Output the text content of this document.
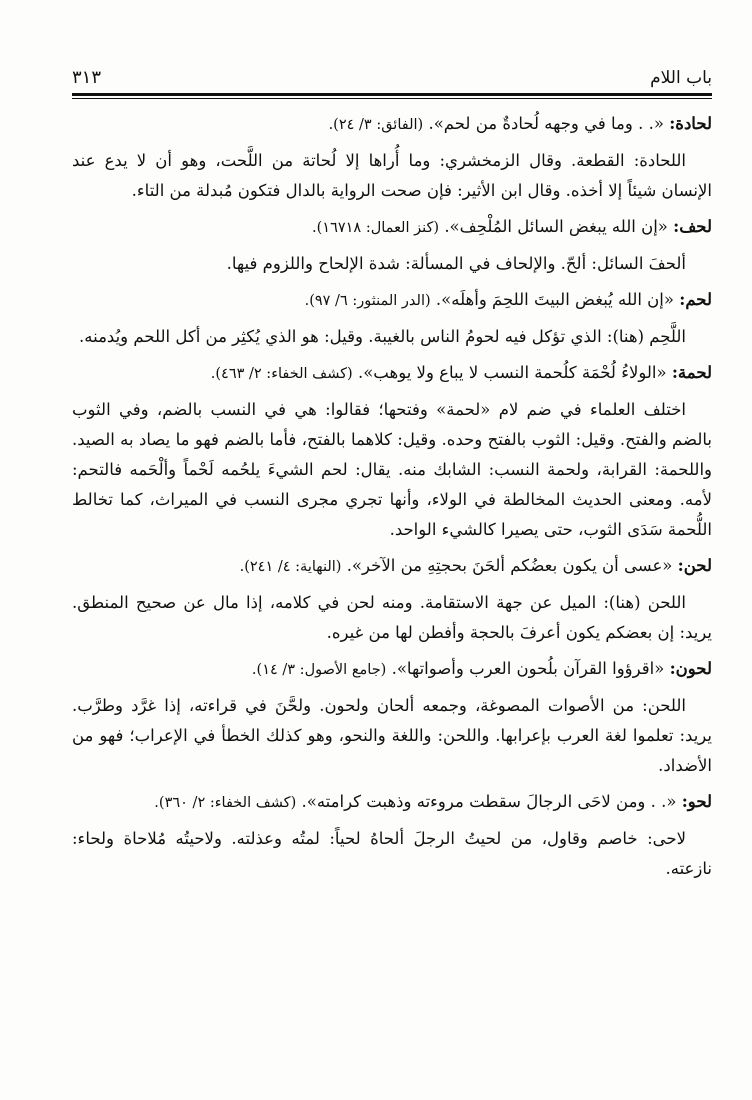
باب اللام
٣١٣
لحادة: «. . وما في وجهه لُحادةٌ من لحم». (الفائق: ٣/ ٢٤).

اللحادة: القطعة. وقال الزمخشري: وما أُراها إلا لُحاتة من اللَّحت، وهو أن لا يدع عند الإنسان شيئاً إلا أخذه. وقال ابن الأثير: فإن صحت الرواية بالدال فتكون مُبدلة من التاء.

لحف: «إن الله يبغض السائل المُلْحِف». (كنز العمال: ١٦٧١٨).

ألحفَ السائل: ألحّ. والإلحاف في المسألة: شدة الإلحاح واللزوم فيها.

لحم: «إن الله يُبغض البيتَ اللحِمَ وأهلَه». (الدر المنثور: ٦/ ٩٧).

اللَّحِم (هنا): الذي تؤكل فيه لحومُ الناس بالغيبة. وقيل: هو الذي يُكثِر من أكل اللحم ويُدمنه.

لحمة: «الولاءُ لُحْمَة كلُحمة النسب لا يباع ولا يوهب». (كشف الخفاء: ٢/ ٤٦٣).

اختلف العلماء في ضم لام «لحمة» وفتحها؛ فقالوا: هي في النسب بالضم، وفي الثوب بالضم والفتح. وقيل: الثوب بالفتح وحده. وقيل: كلاهما بالفتح، فأما بالضم فهو ما يصاد به الصيد. واللحمة: القرابة، ولحمة النسب: الشابك منه. يقال: لحم الشيءَ يلحُمه لَحْماً وألْحَمه فالتحم: لأمه. ومعنى الحديث المخالطة في الولاء، وأنها تجري مجرى النسب في الميراث، كما تخالط اللُّحمة سَدَى الثوب، حتى يصيرا كالشيء الواحد.

لحن: «عسى أن يكون بعضُكم ألحَنَ بحجتِهِ من الآخر». (النهاية: ٤/ ٢٤١).

اللحن (هنا): الميل عن جهة الاستقامة. ومنه لحن في كلامه، إذا مال عن صحيح المنطق. يريد: إن بعضكم يكون أعرفَ بالحجة وأفطن لها من غيره.

لحون: «اقرؤوا القرآن بلُحون العرب وأصواتها». (جامع الأصول: ٣/ ١٤).

اللحن: من الأصوات المصوغة، وجمعه ألحان ولحون. ولحَّنَ في قراءته، إذا غرَّد وطرَّب. يريد: تعلموا لغة العرب بإعرابها. واللحن: واللغة والنحو، وهو كذلك الخطأ في الإعراب؛ فهو من الأضداد.

لحو: «. . ومن لاحَى الرجالَ سقطت مروءته وذهبت كرامته». (كشف الخفاء: ٢/ ٣٦٠).

لاحى: خاصم وقاول، من لحيتُ الرجلَ ألحاهُ لحياً: لمتُه وعذلته. ولاحيتُه مُلاحاة ولحاء: نازعته.
